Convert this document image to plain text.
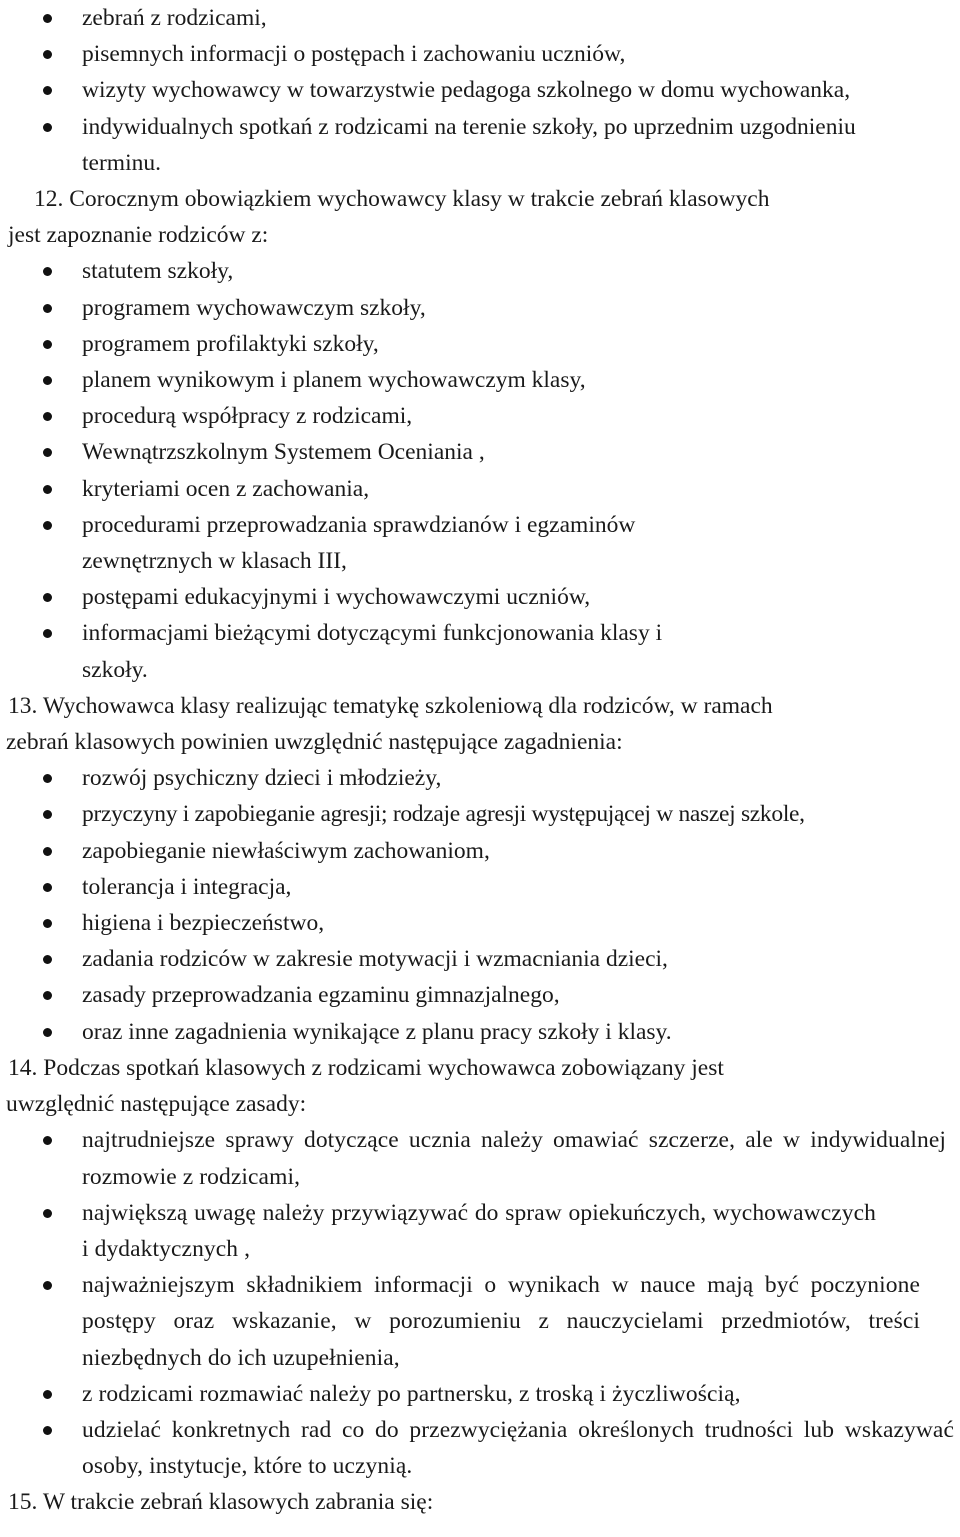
zebrań z rodzicami,
pisemnych informacji o postępach i zachowaniu uczniów,
wizyty wychowawcy w towarzystwie pedagoga szkolnego w domu wychowanka,
indywidualnych spotkań z rodzicami na terenie szkoły, po uprzednim uzgodnieniu terminu.

12. Corocznym obowiązkiem wychowawcy klasy w trakcie zebrań klasowych
jest zapoznanie rodziców z:

statutem szkoły,
programem wychowawczym szkoły,
programem profilaktyki szkoły,
planem wynikowym i planem wychowawczym klasy,
procedurą współpracy z rodzicami,
Wewnątrzszkolnym Systemem Oceniania ,
kryteriami ocen z zachowania,
procedurami przeprowadzania sprawdzianów i egzaminów zewnętrznych w klasach III,
postępami edukacyjnymi i wychowawczymi uczniów,
informacjami bieżącymi dotyczącymi funkcjonowania klasy i szkoły.

13. Wychowawca klasy realizując tematykę szkoleniową dla rodziców, w ramach
zebrań klasowych powinien uwzględnić następujące zagadnienia:

rozwój psychiczny dzieci i młodzieży,
przyczyny i zapobieganie agresji; rodzaje agresji występującej w naszej szkole,
zapobieganie niewłaściwym zachowaniom,
tolerancja i integracja,
higiena i bezpieczeństwo,
zadania rodziców w zakresie motywacji i wzmacniania dzieci,
zasady przeprowadzania egzaminu gimnazjalnego,
oraz inne zagadnienia wynikające z planu pracy szkoły i klasy.

14. Podczas spotkań klasowych z rodzicami wychowawca zobowiązany jest
uwzględnić następujące zasady:

najtrudniejsze sprawy dotyczące ucznia należy omawiać szczerze, ale w indywidualnej rozmowie z rodzicami,
największą uwagę należy przywiązywać do spraw opiekuńczych, wychowawczych i dydaktycznych ,
najważniejszym składnikiem informacji o wynikach w nauce mają być poczynione postępy oraz wskazanie, w porozumieniu z nauczycielami przedmiotów, treści niezbędnych do ich uzupełnienia,
z rodzicami rozmawiać należy po partnersku, z troską i życzliwością,
udzielać konkretnych rad co do przezwyciężania określonych trudności lub wskazywać osoby, instytucje, które to uczynią.

15. W trakcie zebrań klasowych zabrania się:
